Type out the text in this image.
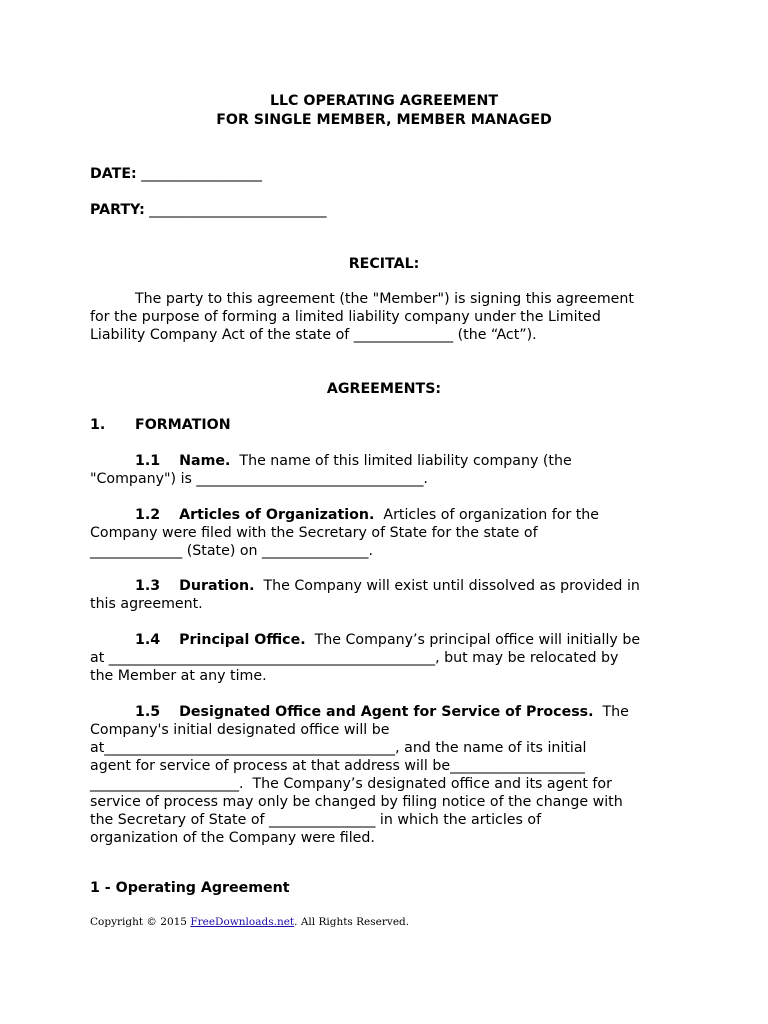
LLC OPERATING AGREEMENT
FOR SINGLE MEMBER, MEMBER MANAGED
DATE: _________________
PARTY: _________________________
RECITAL:
The party to this agreement (the "Member") is signing this agreement
for the purpose of forming a limited liability company under the Limited
Liability Company Act of the state of ______________ (the “Act”).
AGREEMENTS:
1. FORMATION
1.1 Name.  The name of this limited liability company (the
"Company") is ________________________________.
1.2 Articles of Organization.  Articles of organization for the
Company were filed with the Secretary of State for the state of
_____________ (State) on _______________.
1.3 Duration.  The Company will exist until dissolved as provided in
this agreement.
1.4 Principal Office.  The Company’s principal office will initially be
at ______________________________________________, but may be relocated by
the Member at any time.
1.5 Designated Office and Agent for Service of Process.  The
Company's initial designated office will be
at_________________________________________, and the name of its initial
agent for service of process at that address will be___________________
_____________________.  The Company’s designated office and its agent for
service of process may only be changed by filing notice of the change with
the Secretary of State of _______________ in which the articles of
organization of the Company were filed.
1 - Operating Agreement
Copyright © 2015 FreeDownloads.net. All Rights Reserved.
